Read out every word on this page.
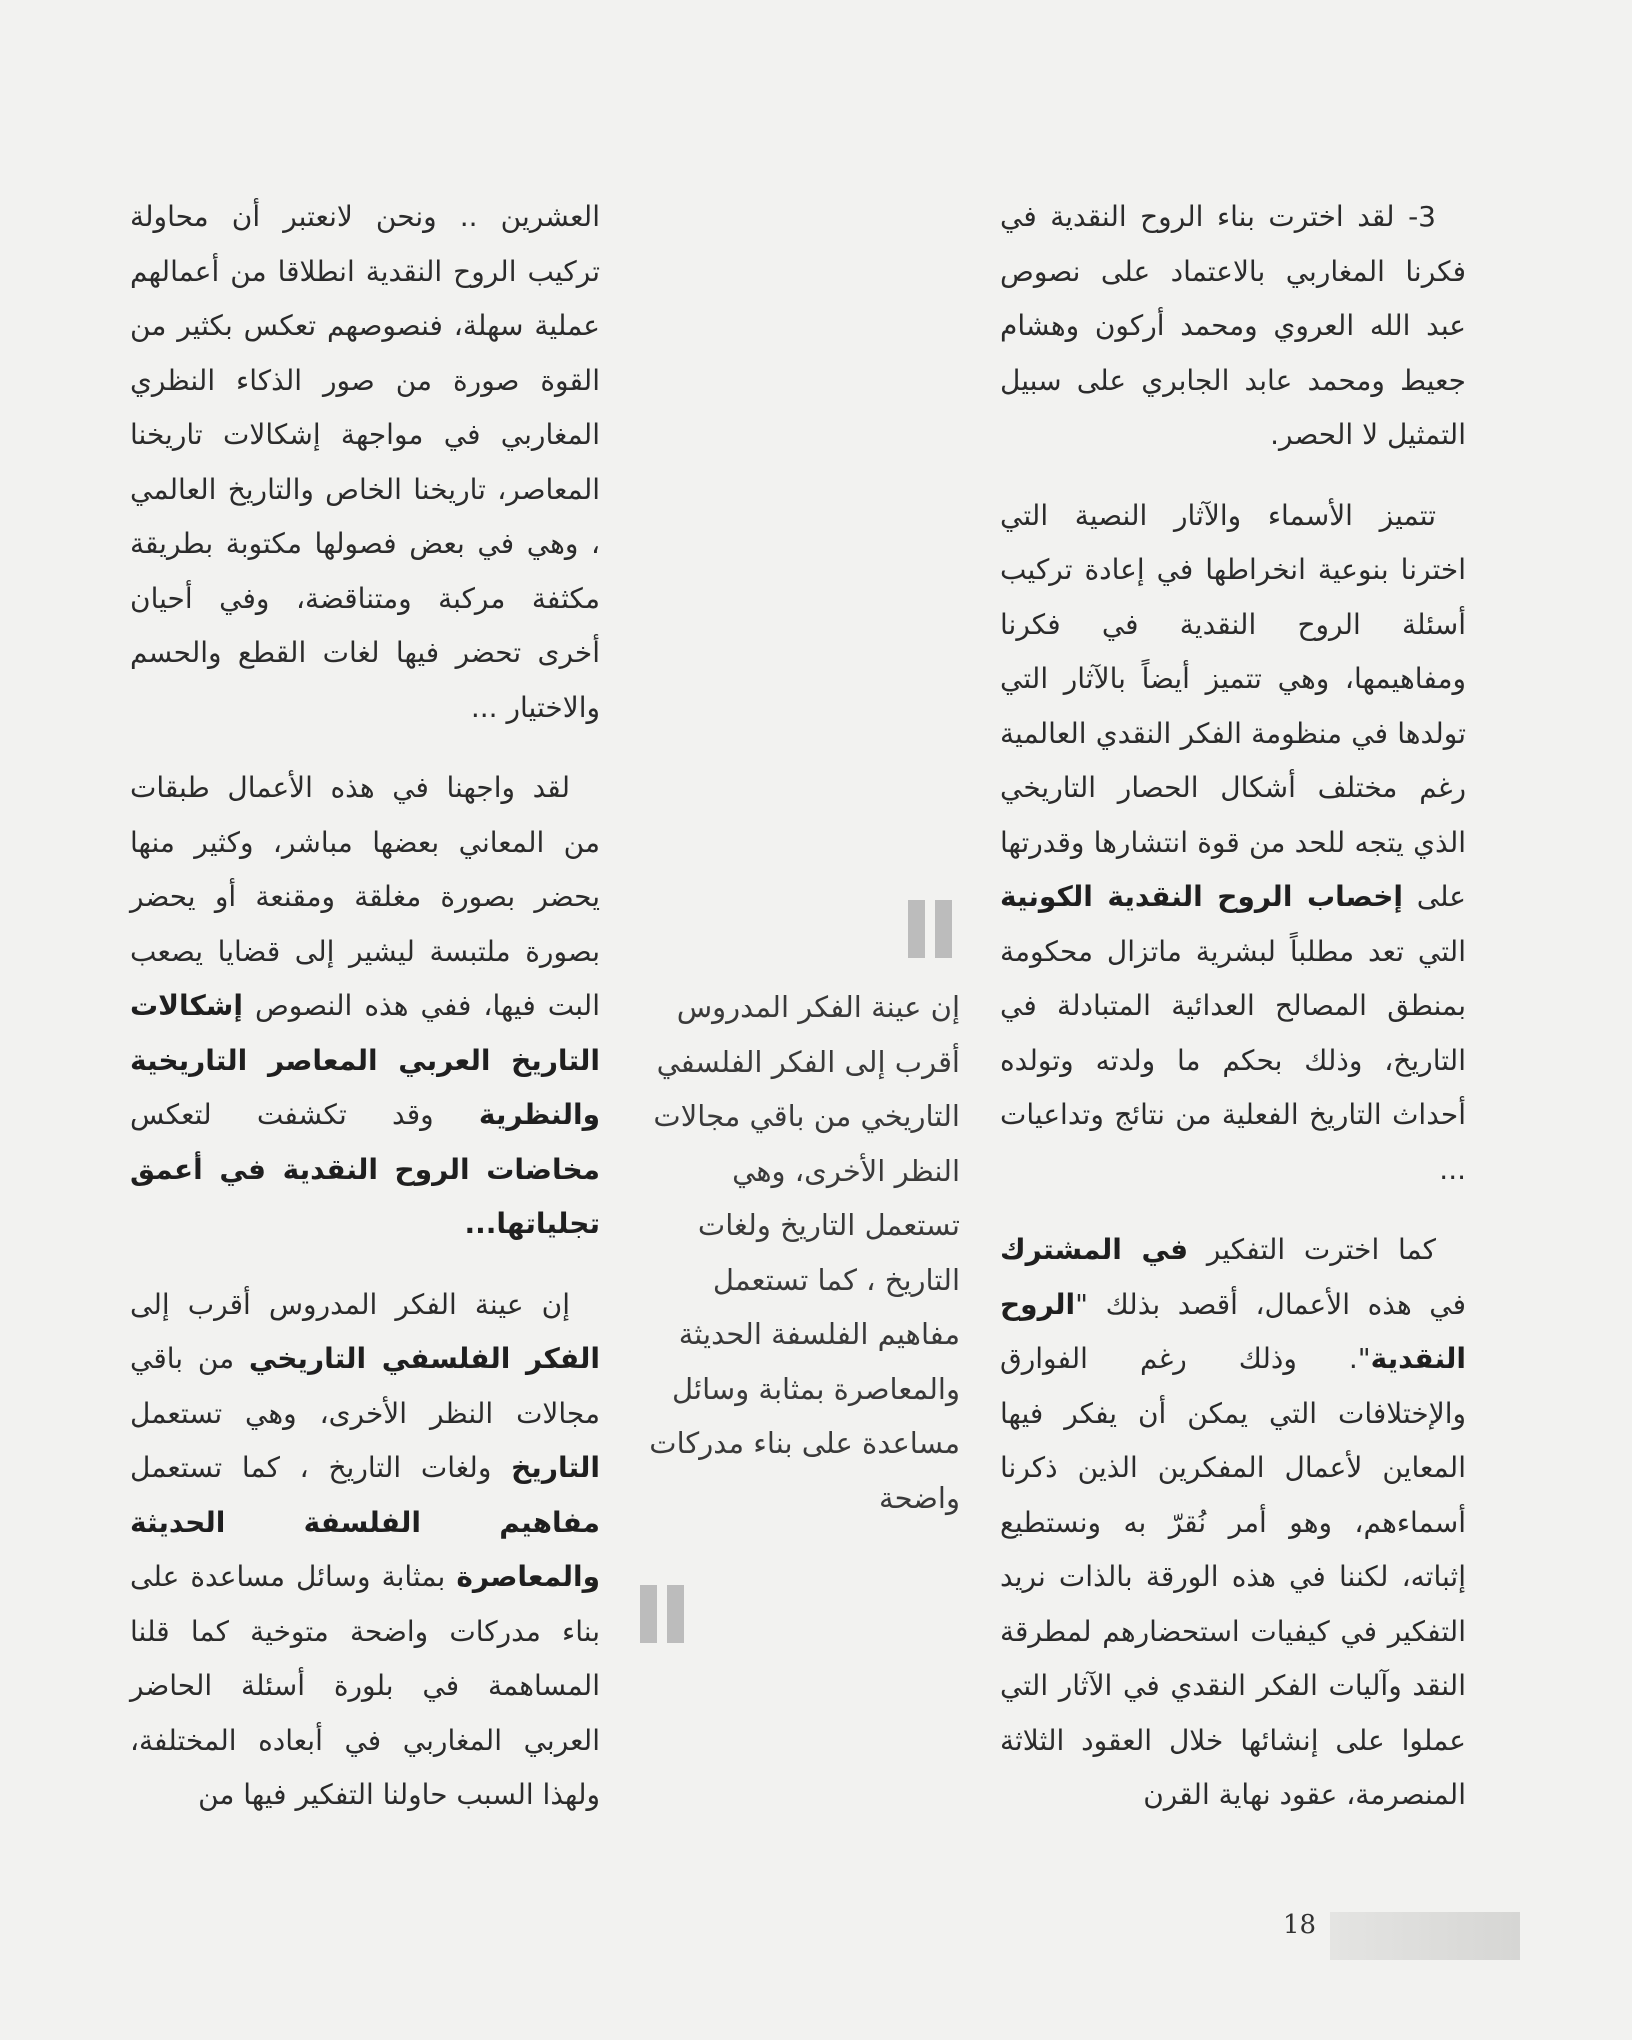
3- لقد اخترت بناء الروح النقدية في فكرنا المغاربي بالاعتماد على نصوص عبد الله العروي ومحمد أركون وهشام جعيط ومحمد عابد الجابري على سبيل التمثيل لا الحصر.

تتميز الأسماء والآثار النصية التي اخترنا بنوعية انخراطها في إعادة تركيب أسئلة الروح النقدية في فكرنا ومفاهيمها، وهي تتميز أيضاً بالآثار التي تولدها في منظومة الفكر النقدي العالمية رغم مختلف أشكال الحصار التاريخي الذي يتجه للحد من قوة انتشارها وقدرتها على إخصاب الروح النقدية الكونية التي تعد مطلباً لبشرية ماتزال محكومة بمنطق المصالح العدائية المتبادلة في التاريخ، وذلك بحكم ما ولدته وتولده أحداث التاريخ الفعلية من نتائج وتداعيات ...

كما اخترت التفكير في المشترك في هذه الأعمال، أقصد بذلك "الروح النقدية". وذلك رغم الفوارق والإختلافات التي يمكن أن يفكر فيها المعاين لأعمال المفكرين الذين ذكرنا أسماءهم، وهو أمر نُقرّ به ونستطيع إثباته، لكننا في هذه الورقة بالذات نريد التفكير في كيفيات استحضارهم لمطرقة النقد وآليات الفكر النقدي في الآثار التي عملوا على إنشائها خلال العقود الثلاثة المنصرمة، عقود نهاية القرن

إن عينة الفكر المدروس أقرب إلى الفكر الفلسفي التاريخي من باقي مجالات النظر الأخرى، وهي تستعمل التاريخ ولغات التاريخ ، كما تستعمل مفاهيم الفلسفة الحديثة والمعاصرة بمثابة وسائل مساعدة على بناء مدركات واضحة

العشرين .. ونحن لانعتبر أن محاولة تركيب الروح النقدية انطلاقا من أعمالهم عملية سهلة، فنصوصهم تعكس بكثير من القوة صورة من صور الذكاء النظري المغاربي في مواجهة إشكالات تاريخنا المعاصر، تاريخنا الخاص والتاريخ العالمي ، وهي في بعض فصولها مكتوبة بطريقة مكثفة مركبة ومتناقضة، وفي أحيان أخرى تحضر فيها لغات القطع والحسم والاختيار ...

لقد واجهنا في هذه الأعمال طبقات من المعاني بعضها مباشر، وكثير منها يحضر بصورة مغلقة ومقنعة أو يحضر بصورة ملتبسة ليشير إلى قضايا يصعب البت فيها، ففي هذه النصوص إشكالات التاريخ العربي المعاصر التاريخية والنظرية وقد تكشفت لتعكس مخاضات الروح النقدية في أعمق تجلياتها...

إن عينة الفكر المدروس أقرب إلى الفكر الفلسفي التاريخي من باقي مجالات النظر الأخرى، وهي تستعمل التاريخ ولغات التاريخ ، كما تستعمل مفاهيم الفلسفة الحديثة والمعاصرة بمثابة وسائل مساعدة على بناء مدركات واضحة متوخية كما قلنا المساهمة في بلورة أسئلة الحاضر العربي المغاربي في أبعاده المختلفة، ولهذا السبب حاولنا التفكير فيها من

18
